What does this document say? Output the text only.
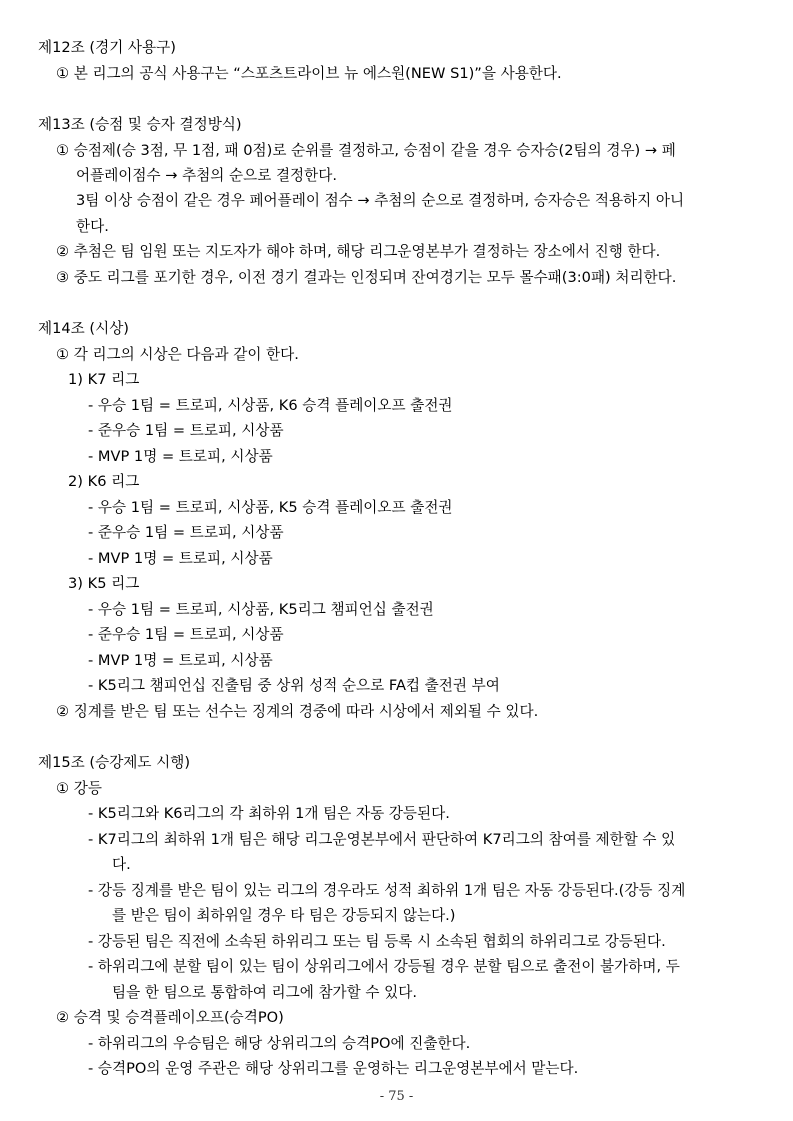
제12조 (경기 사용구)
① 본 리그의 공식 사용구는 “스포츠트라이브 뉴 에스원(NEW S1)”을 사용한다.
제13조 (승점 및 승자 결정방식)
① 승점제(승 3점, 무 1점, 패 0점)로 순위를 결정하고, 승점이 같을 경우 승자승(2팀의 경우) → 페
어플레이점수 → 추첨의 순으로 결정한다.
3팀 이상 승점이 같은 경우 페어플레이 점수 → 추첨의 순으로 결정하며, 승자승은 적용하지 아니
한다.
② 추첨은 팀 임원 또는 지도자가 해야 하며, 해당 리그운영본부가 결정하는 장소에서 진행 한다.
③ 중도 리그를 포기한 경우, 이전 경기 결과는 인정되며 잔여경기는 모두 몰수패(3:0패) 처리한다.
제14조 (시상)
① 각 리그의 시상은 다음과 같이 한다.
1) K7 리그
- 우승 1팀 = 트로피, 시상품, K6 승격 플레이오프 출전권
- 준우승 1팀 = 트로피, 시상품
- MVP 1명 = 트로피, 시상품
2) K6 리그
- 우승 1팀 = 트로피, 시상품, K5 승격 플레이오프 출전권
- 준우승 1팀 = 트로피, 시상품
- MVP 1명 = 트로피, 시상품
3) K5 리그
- 우승 1팀 = 트로피, 시상품, K5리그 챔피언십 출전권
- 준우승 1팀 = 트로피, 시상품
- MVP 1명 = 트로피, 시상품
- K5리그 챔피언십 진출팀 중 상위 성적 순으로 FA컵 출전권 부여
② 징계를 받은 팀 또는 선수는 징계의 경중에 따라 시상에서 제외될 수 있다.
제15조 (승강제도 시행)
① 강등
- K5리그와 K6리그의 각 최하위 1개 팀은 자동 강등된다.
- K7리그의 최하위 1개 팀은 해당 리그운영본부에서 판단하여 K7리그의 참여를 제한할 수 있
다.
- 강등 징계를 받은 팀이 있는 리그의 경우라도 성적 최하위 1개 팀은 자동 강등된다.(강등 징계
를 받은 팀이 최하위일 경우 타 팀은 강등되지 않는다.)
- 강등된 팀은 직전에 소속된 하위리그 또는 팀 등록 시 소속된 협회의 하위리그로 강등된다.
- 하위리그에 분할 팀이 있는 팀이 상위리그에서 강등될 경우 분할 팀으로 출전이 불가하며, 두
팀을 한 팀으로 통합하여 리그에 참가할 수 있다.
② 승격 및 승격플레이오프(승격PO)
- 하위리그의 우승팀은 해당 상위리그의 승격PO에 진출한다.
- 승격PO의 운영 주관은 해당 상위리그를 운영하는 리그운영본부에서 맡는다.
- 75 -
